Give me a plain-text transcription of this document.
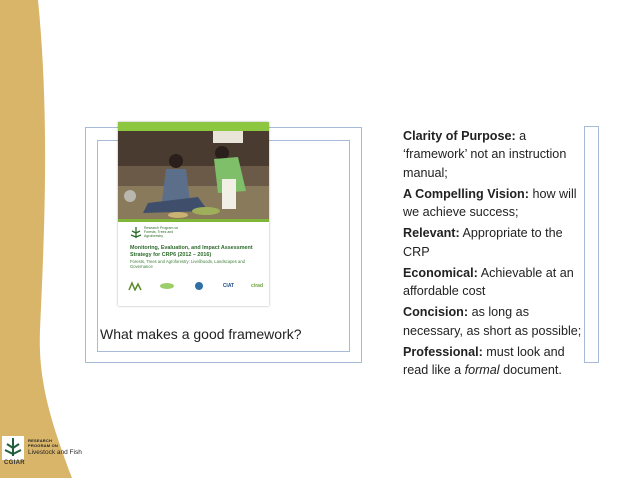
CGIAR
RESEARCH
PROGRAM ON
Livestock and Fish
Research Program on Forests, Trees and Agroforestry
Monitoring, Evaluation, and Impact Assessment Strategy for CRP6 (2012 – 2016)
Forests, Trees and Agroforestry: Livelihoods, Landscapes and Governance
CIAT	cirad
What makes a good framework?
Clarity of Purpose: a ‘framework’ not an instruction manual;
A Compelling Vision: how will we achieve success;
Relevant: Appropriate to the CRP
Economical: Achievable at an affordable cost
Concision: as long as necessary, as short as possible;
Professional: must look and read like a formal document.
